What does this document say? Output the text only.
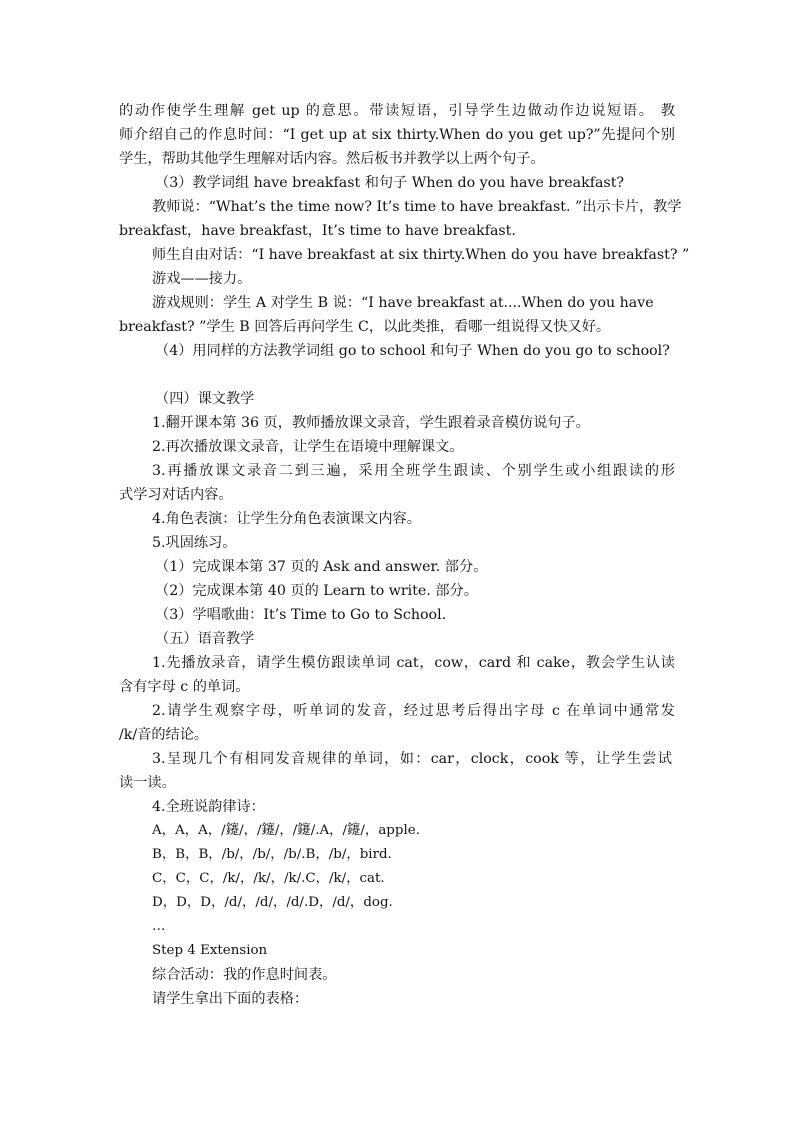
的动作使学生理解 get up 的意思。带读短语，引导学生边做动作边说短语。 教
师介绍自己的作息时间：“I get up at six thirty.When do you get up?”先提问个别
学生，帮助其他学生理解对话内容。然后板书并教学以上两个句子。
（3）教学词组 have breakfast 和句子 When do you have breakfast?
教师说：“What’s the time now? It’s time to have breakfast. ”出示卡片，教学
breakfast，have breakfast，It’s time to have breakfast.
师生自由对话：“I have breakfast at six thirty.When do you have breakfast? ”
游戏——接力。
游戏规则：学生 A 对学生 B 说：“I have breakfast at....When do you have
breakfast? ”学生 B 回答后再问学生 C，以此类推，看哪一组说得又快又好。
（4）用同样的方法教学词组 go to school 和句子 When do you go to school?
（四）课文教学
1.翻开课本第 36 页，教师播放课文录音，学生跟着录音模仿说句子。
2.再次播放课文录音，让学生在语境中理解课文。
3.再播放课文录音二到三遍，采用全班学生跟读、个别学生或小组跟读的形
式学习对话内容。
4.角色表演：让学生分角色表演课文内容。
5.巩固练习。
（1）完成课本第 37 页的 Ask and answer. 部分。
（2）完成课本第 40 页的 Learn to write. 部分。
（3）学唱歌曲：It’s Time to Go to School.
（五）语音教学
1.先播放录音，请学生模仿跟读单词 cat，cow，card 和 cake，教会学生认读
含有字母 c 的单词。
2.请学生观察字母，听单词的发音，经过思考后得出字母 c 在单词中通常发
/k/音的结论。
3.呈现几个有相同发音规律的单词，如：car，clock，cook 等，让学生尝试
读一读。
4.全班说韵律诗：
A，A，A，/鑳/，/鑳/，/鑳/.A，/鑳/，apple.
B，B，B，/b/，/b/，/b/.B，/b/，bird.
C，C，C，/k/，/k/，/k/.C，/k/，cat.
D，D，D，/d/，/d/，/d/.D，/d/，dog.
…
Step 4 Extension
综合活动：我的作息时间表。
请学生拿出下面的表格：
